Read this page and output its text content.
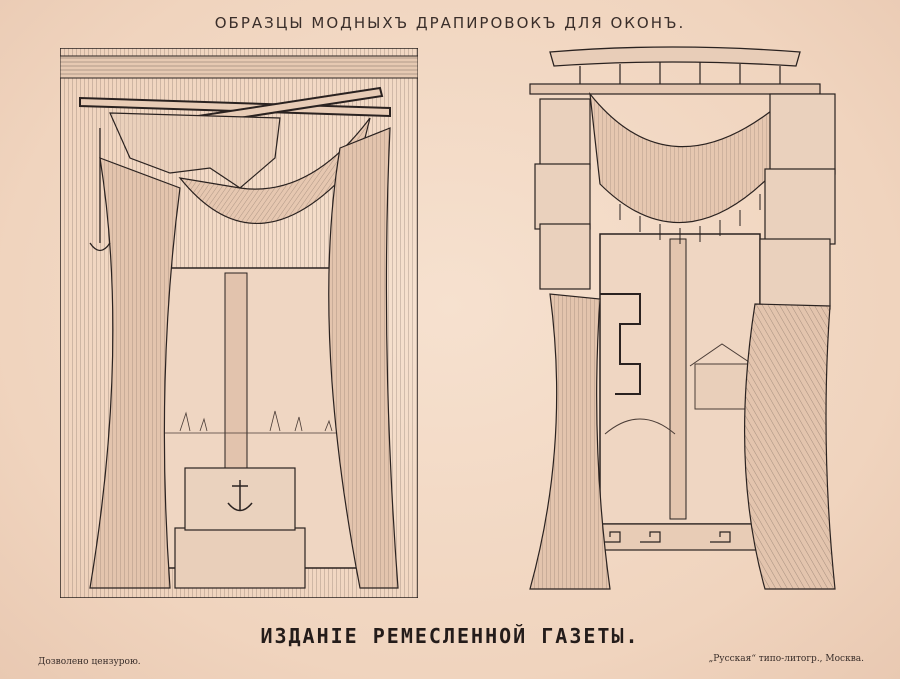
ОБРАЗЦЫ МОДНЫХЪ ДРАПИРОВОКЪ ДЛЯ ОКОНЪ.
ИЗДАНIЕ РЕМЕСЛЕННОЙ ГАЗЕТЫ.
Дозволено цензурою.	„Русская“ типо-литогр., Москва.
